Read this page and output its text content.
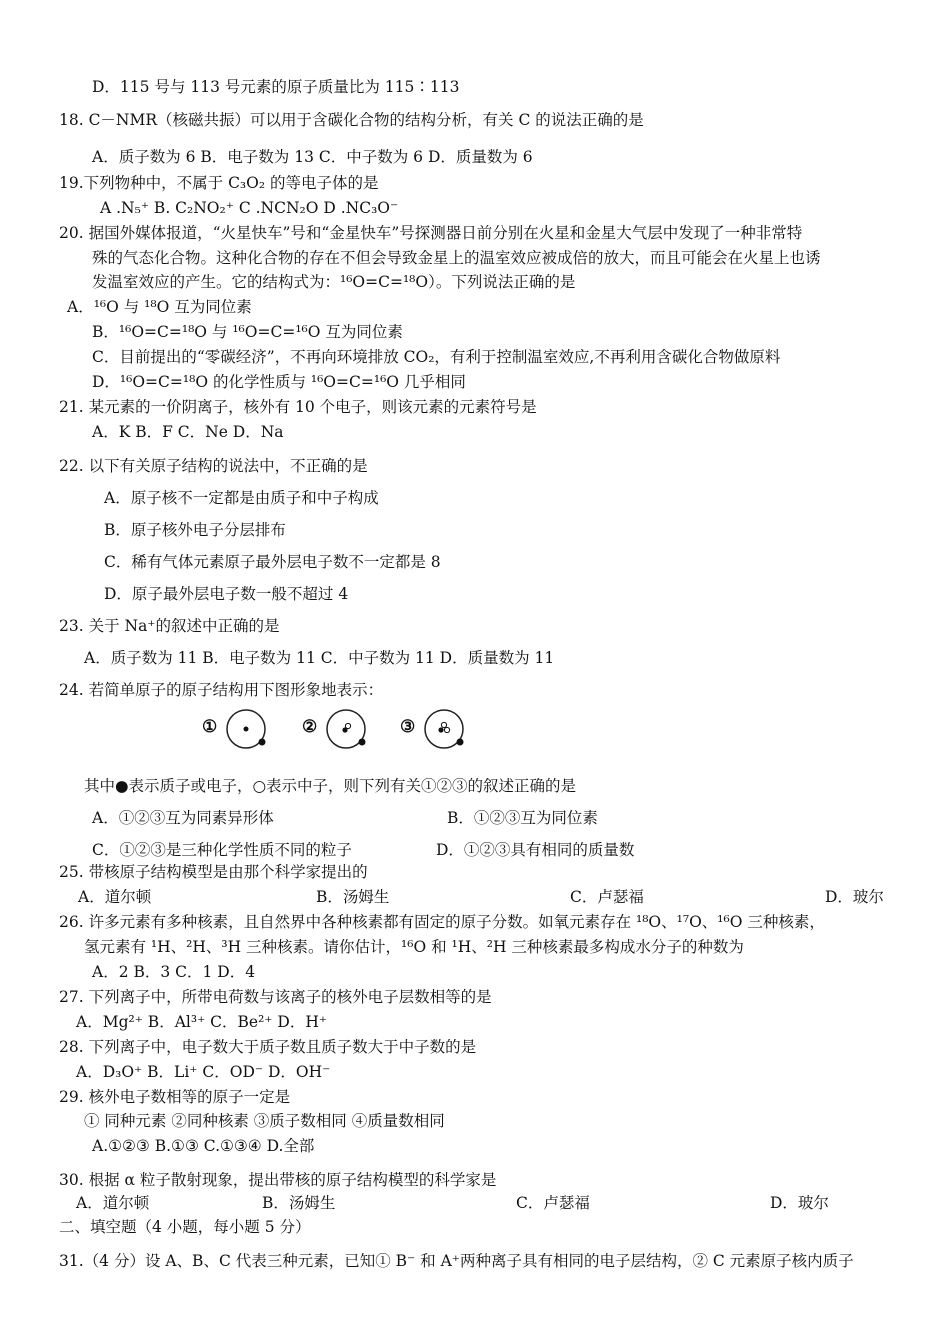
D．115 号与 113 号元素的原子质量比为 115∶113
18. C－NMR（核磁共振）可以用于含碳化合物的结构分析，有关 C 的说法正确的是
A．质子数为 6 B．电子数为 13 C．中子数为 6 D．质量数为 6
19.下列物种中，不属于 C₃O₂ 的等电子体的是
A .N₅⁺ B. C₂NO₂⁺ C .NCN₂O D .NC₃O⁻
20. 据国外媒体报道，“火星快车”号和“金星快车”号探测器日前分别在火星和金星大气层中发现了一种非常特
殊的气态化合物。这种化合物的存在不但会导致金星上的温室效应被成倍的放大，而且可能会在火星上也诱
发温室效应的产生。它的结构式为：¹⁶O=C=¹⁸O）。下列说法正确的是
A．¹⁶O 与 ¹⁸O 互为同位素
B．¹⁶O=C=¹⁸O 与 ¹⁶O=C=¹⁶O 互为同位素
C．目前提出的“零碳经济”，不再向环境排放 CO₂，有利于控制温室效应,不再利用含碳化合物做原料
D．¹⁶O=C=¹⁸O 的化学性质与 ¹⁶O=C=¹⁶O 几乎相同
21. 某元素的一价阴离子，核外有 10 个电子，则该元素的元素符号是
A．K B．F C．Ne D．Na
22. 以下有关原子结构的说法中，不正确的是
A．原子核不一定都是由质子和中子构成
B．原子核外电子分层排布
C．稀有气体元素原子最外层电子数不一定都是 8
D．原子最外层电子数一般不超过 4
23. 关于 Na⁺的叙述中正确的是
A．质子数为 11 B．电子数为 11 C．中子数为 11 D．质量数为 11
24. 若简单原子的原子结构用下图形象地表示：
①	②	③
其中●表示质子或电子，○表示中子，则下列有关①②③的叙述正确的是
A．①②③互为同素异形体	B．①②③互为同位素
C．①②③是三种化学性质不同的粒子	D．①②③具有相同的质量数
25. 带核原子结构模型是由那个科学家提出的
A．道尔顿	B．汤姆生	C．卢瑟福	D．玻尔
26. 许多元素有多种核素，且自然界中各种核素都有固定的原子分数。如氧元素存在 ¹⁸O、¹⁷O、¹⁶O 三种核素，
氢元素有 ¹H、²H、³H 三种核素。请你估计，¹⁶O 和 ¹H、²H 三种核素最多构成水分子的种数为
A．2 B．3 C．1 D．4
27. 下列离子中，所带电荷数与该离子的核外电子层数相等的是
A．Mg²⁺ B．Al³⁺ C．Be²⁺ D．H⁺
28. 下列离子中，电子数大于质子数且质子数大于中子数的是
A．D₃O⁺ B．Li⁺ C．OD⁻ D．OH⁻
29. 核外电子数相等的原子一定是
① 同种元素 ②同种核素 ③质子数相同 ④质量数相同
A.①②③ B.①③ C.①③④ D.全部
30. 根据 α 粒子散射现象，提出带核的原子结构模型的科学家是
A．道尔顿	B．汤姆生	C．卢瑟福	D．玻尔
二、填空题（4 小题，每小题 5 分）
31.（4 分）设 A、B、C 代表三种元素，已知① B⁻ 和 A⁺两种离子具有相同的电子层结构，② C 元素原子核内质子
